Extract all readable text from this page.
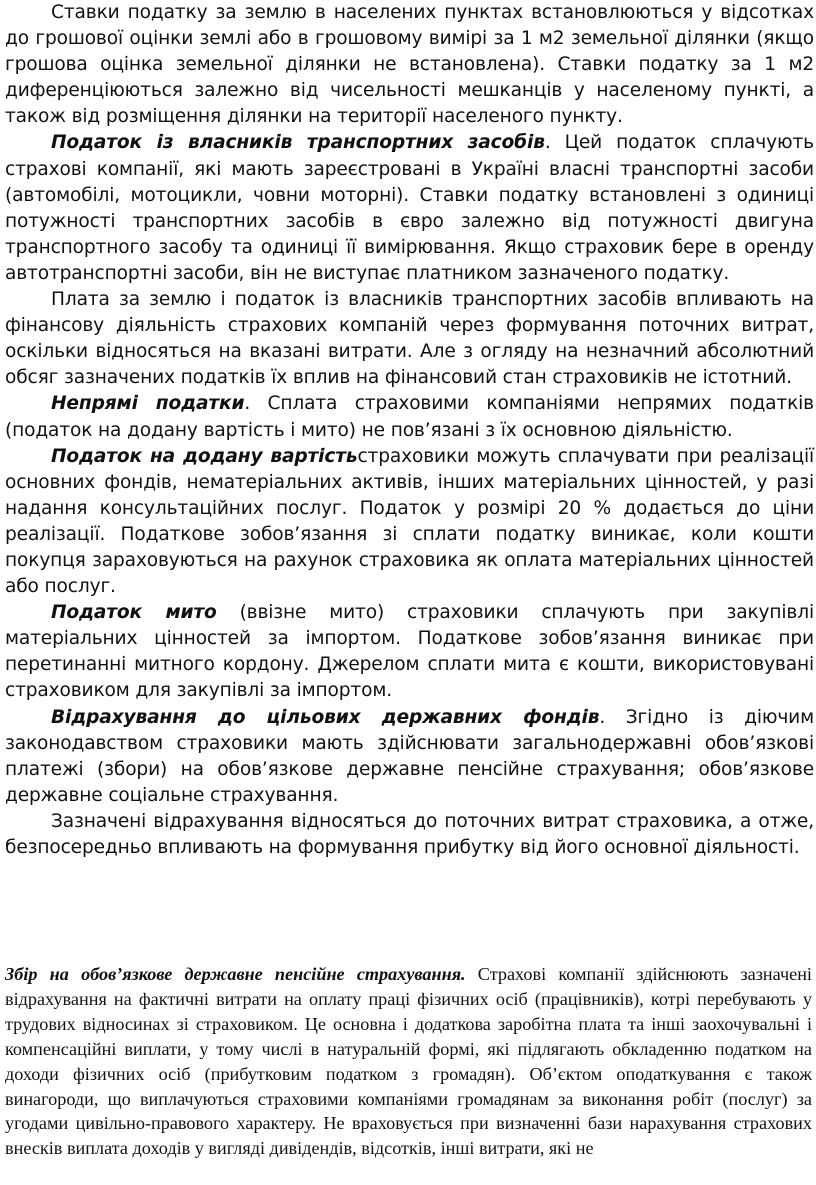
Ставки податку за землю в населених пунктах встановлюються у відсотках до грошової оцінки землі або в грошовому вимірі за 1 м2 земельної ділянки (якщо грошова оцінка земельної ділянки не встановлена). Ставки податку за 1 м2 диференціюються залежно від чисельності мешканців у населеному пункті, а також від розміщення ділянки на території населеного пункту.

Податок із власників транспортних засобів. Цей податок сплачують страхові компанії, які мають зареєстровані в Україні власні транспортні засоби (автомобілі, мотоцикли, човни моторні). Ставки податку встановлені з одиниці потужності транспортних засобів в євро залежно від потужності двигуна транспортного засобу та одиниці її вимірювання. Якщо страховик бере в оренду автотранспортні засоби, він не виступає платником зазначеного податку.

Плата за землю і податок із власників транспортних засобів впливають на фінансову діяльність страхових компаній через формування поточних витрат, оскільки відносяться на вказані витрати. Але з огляду на незначний абсолютний обсяг зазначених податків їх вплив на фінансовий стан страховиків не істотний.

Непрямі податки. Сплата страховими компаніями непрямих податків (податок на додану вартість і мито) не пов’язані з їх основною діяльністю.

Податок на додану вартістьстраховики можуть сплачувати при реалізації основних фондів, нематеріальних активів, інших матеріальних цінностей, у разі надання консультаційних послуг. Податок у розмірі 20 % додається до ціни реалізації. Податкове зобов’язання зі сплати податку виникає, коли кошти покупця зараховуються на рахунок страховика як оплата матеріальних цінностей або послуг.

Податок мито (ввізне мито) страховики сплачують при закупівлі матеріальних цінностей за імпортом. Податкове зобов’язання виникає при перетинанні митного кордону. Джерелом сплати мита є кошти, використовувані страховиком для закупівлі за імпортом.

Відрахування до цільових державних фондів. Згідно із діючим законодавством страховики мають здійснювати загальнодержавні обов’язкові платежі (збори) на обов’язкове державне пенсійне страхування; обов’язкове державне соціальне страхування.

Зазначені відрахування відносяться до поточних витрат страховика, а отже, безпосередньо впливають на формування прибутку від його основної діяльності.

Збір на обов’язкове державне пенсійне страхування. Страхові компанії здійснюють зазначені відрахування на фактичні витрати на оплату праці фізичних осіб (працівників), котрі перебувають у трудових відносинах зі страховиком. Це основна і додаткова заробітна плата та інші заохочувальні і компенсаційні виплати, у тому числі в натуральній формі, які підлягають обкладенню податком на доходи фізичних осіб (прибутковим податком з громадян). Об’єктом оподаткування є також винагороди, що виплачуються страховими компаніями громадянам за виконання робіт (послуг) за угодами цивільно-правового характеру. Не враховується при визначенні бази нарахування страхових внесків виплата доходів у вигляді дивідендів, відсотків, інші витрати, які не
